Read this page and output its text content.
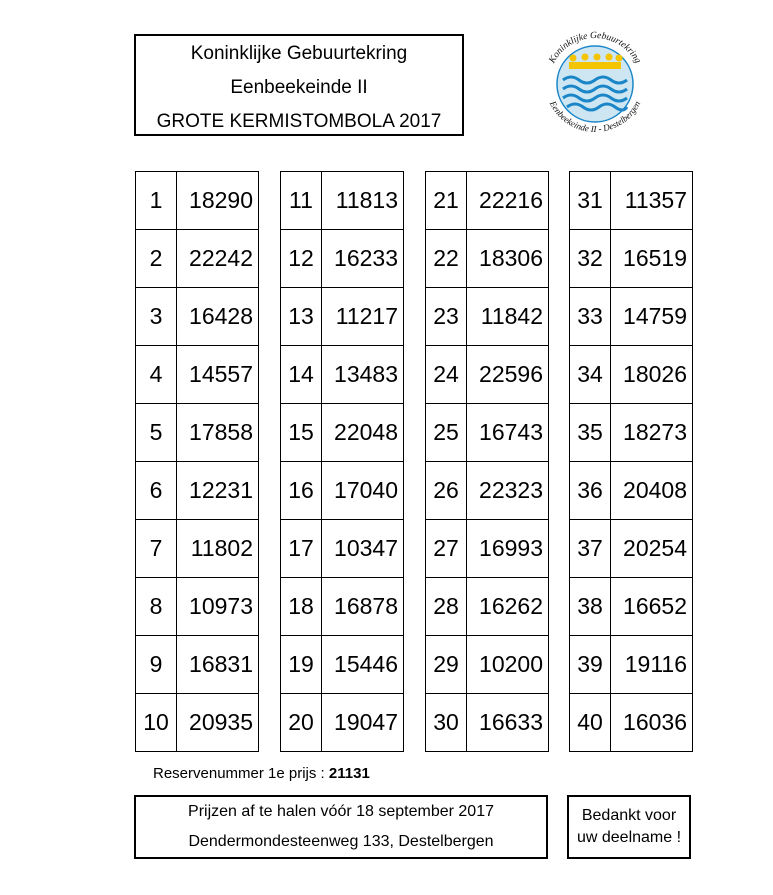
Koninklijke Gebuurtekring
Eenbeekeinde II
GROTE KERMISTOMBOLA 2017
Koninklijke Gebuurtekring
Eenbeekeinde II - Destelbergen
1	18290
2	22242
3	16428
4	14557
5	17858
6	12231
7	11802
8	10973
9	16831
10	20935
11	11813
12	16233
13	11217
14	13483
15	22048
16	17040
17	10347
18	16878
19	15446
20	19047
21	22216
22	18306
23	11842
24	22596
25	16743
26	22323
27	16993
28	16262
29	10200
30	16633
31	11357
32	16519
33	14759
34	18026
35	18273
36	20408
37	20254
38	16652
39	19116
40	16036
Reservenummer 1e prijs : 21131
Prijzen af te halen vóór 18 september 2017
Dendermondesteenweg 133, Destelbergen
Bedankt voor
uw deelname !
